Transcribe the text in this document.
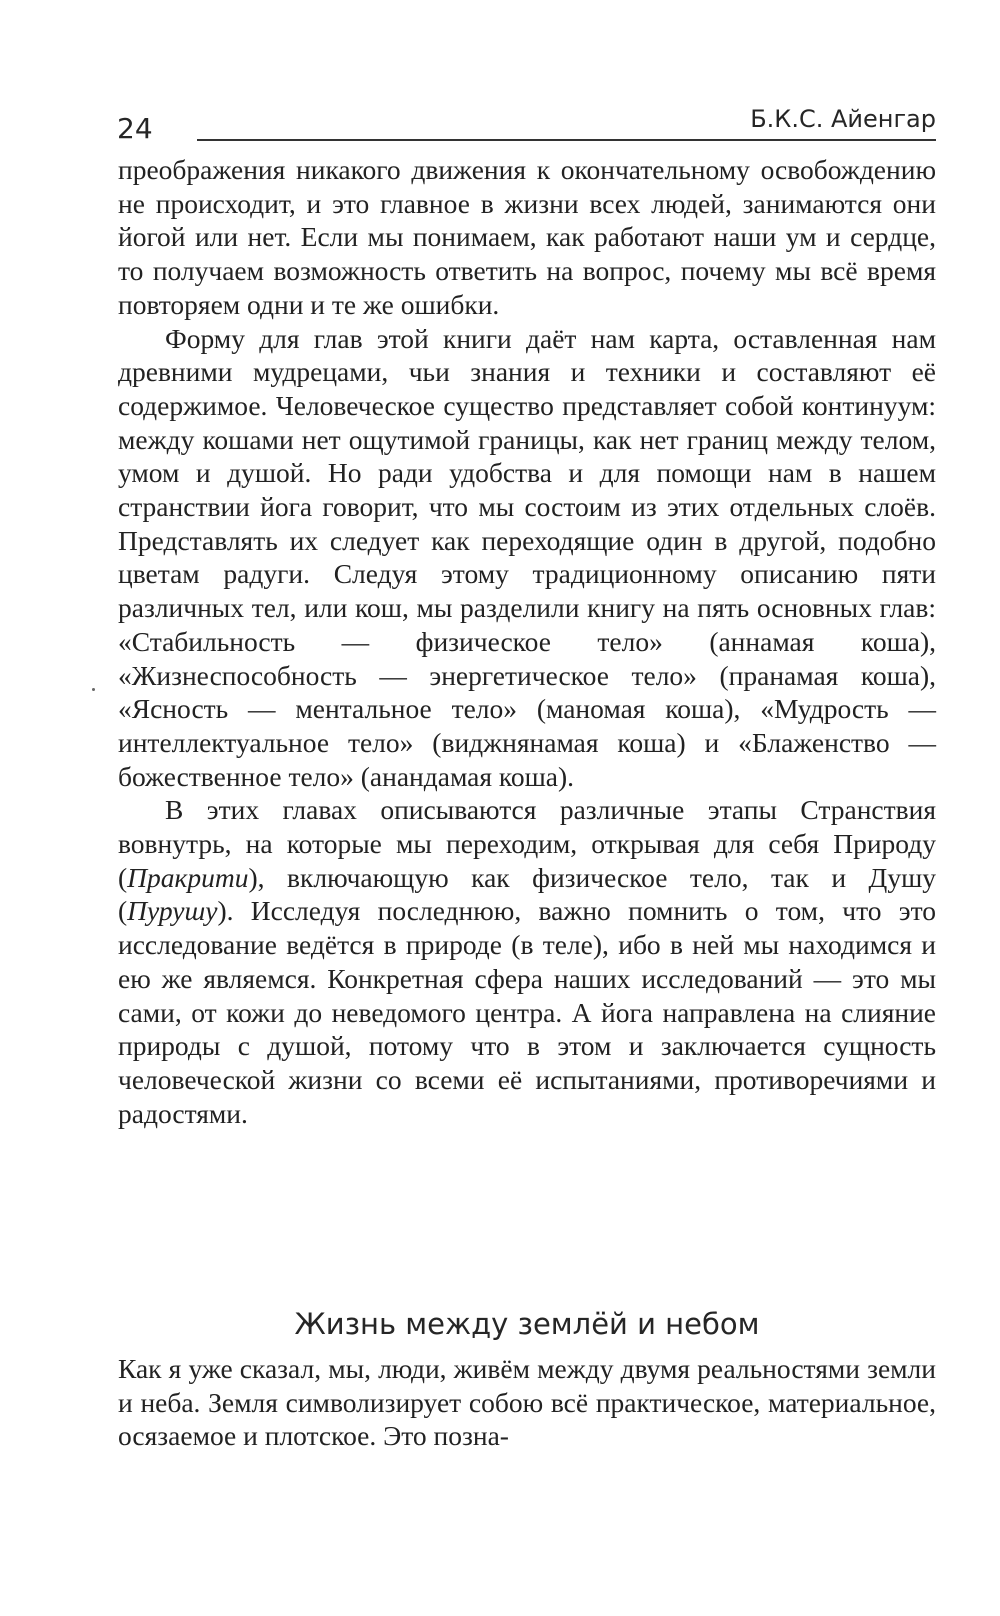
24	Б.К.С. Айенгар

преображения никакого движения к окончательному освобождению не происходит, и это главное в жизни всех людей, занимаются они йогой или нет. Если мы понимаем, как работают наши ум и сердце, то получаем возможность ответить на вопрос, почему мы всё время повторяем одни и те же ошибки.

Форму для глав этой книги даёт нам карта, оставленная нам древними мудрецами, чьи знания и техники и составляют её содержимое. Человеческое существо представляет собой континуум: между кошами нет ощутимой границы, как нет границ между телом, умом и душой. Но ради удобства и для помощи нам в нашем странствии йога говорит, что мы состоим из этих отдельных слоёв. Представлять их следует как переходящие один в другой, подобно цветам радуги. Следуя этому традиционному описанию пяти различных тел, или кош, мы разделили книгу на пять основных глав: «Стабильность — физическое тело» (аннамая коша), «Жизнеспособность — энергетическое тело» (пранамая коша), «Ясность — ментальное тело» (маномая коша), «Мудрость — интеллектуальное тело» (виджнянамая коша) и «Блаженство — божественное тело» (анандамая коша).

В этих главах описываются различные этапы Странствия вовнутрь, на которые мы переходим, открывая для себя Природу (Пракрити), включающую как физическое тело, так и Душу (Пурушу). Исследуя последнюю, важно помнить о том, что это исследование ведётся в природе (в теле), ибо в ней мы находимся и ею же являемся. Конкретная сфера наших исследований — это мы сами, от кожи до неведомого центра. А йога направлена на слияние природы с душой, потому что в этом и заключается сущность человеческой жизни со всеми её испытаниями, противоречиями и радостями.

Жизнь между землёй и небом

Как я уже сказал, мы, люди, живём между двумя реальностями земли и неба. Земля символизирует собою всё практическое, материальное, осязаемое и плотское. Это позна-
